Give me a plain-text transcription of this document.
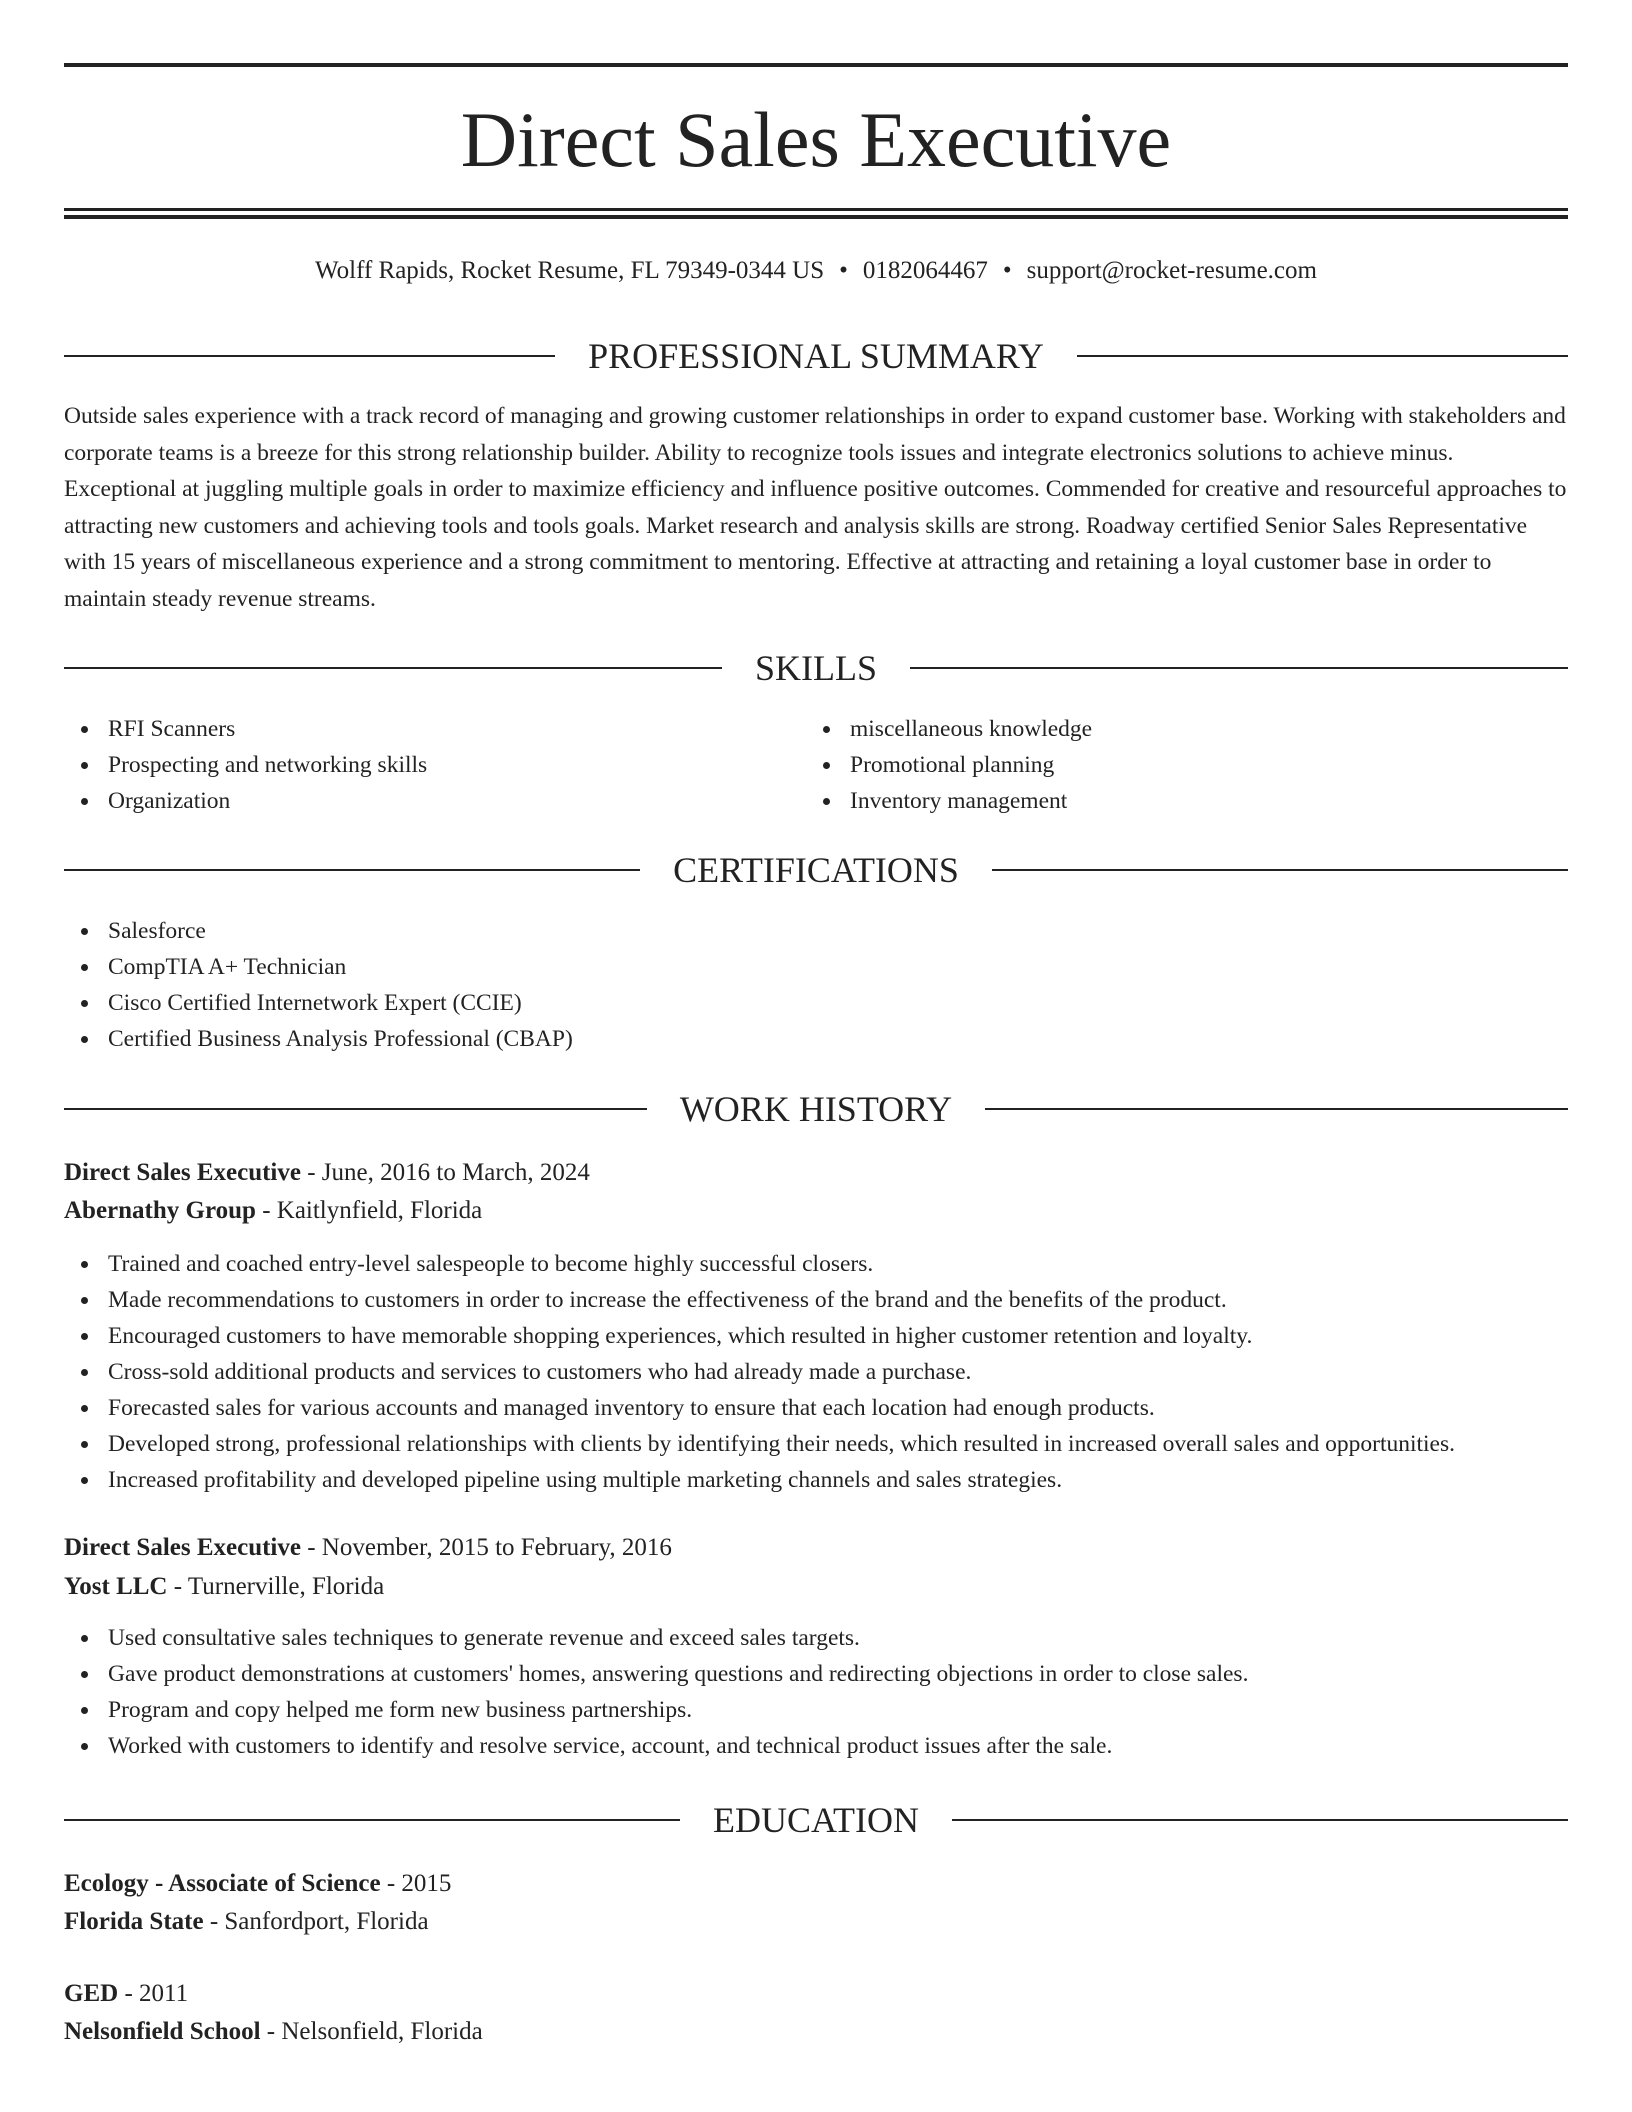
Direct Sales Executive
Wolff Rapids, Rocket Resume, FL 79349-0344 US • 0182064467 • support@rocket-resume.com
PROFESSIONAL SUMMARY

Outside sales experience with a track record of managing and growing customer relationships in order to expand customer base. Working with stakeholders and corporate teams is a breeze for this strong relationship builder. Ability to recognize tools issues and integrate electronics solutions to achieve minus. Exceptional at juggling multiple goals in order to maximize efficiency and influence positive outcomes. Commended for creative and resourceful approaches to attracting new customers and achieving tools and tools goals. Market research and analysis skills are strong. Roadway certified Senior Sales Representative with 15 years of miscellaneous experience and a strong commitment to mentoring. Effective at attracting and retaining a loyal customer base in order to maintain steady revenue streams.

SKILLS
RFI Scanners
Prospecting and networking skills
Organization
miscellaneous knowledge
Promotional planning
Inventory management
CERTIFICATIONS
Salesforce
CompTIA A+ Technician
Cisco Certified Internetwork Expert (CCIE)
Certified Business Analysis Professional (CBAP)
WORK HISTORY
Direct Sales Executive - June, 2016 to March, 2024
Abernathy Group - Kaitlynfield, Florida
Trained and coached entry-level salespeople to become highly successful closers.
Made recommendations to customers in order to increase the effectiveness of the brand and the benefits of the product.
Encouraged customers to have memorable shopping experiences, which resulted in higher customer retention and loyalty.
Cross-sold additional products and services to customers who had already made a purchase.
Forecasted sales for various accounts and managed inventory to ensure that each location had enough products.
Developed strong, professional relationships with clients by identifying their needs, which resulted in increased overall sales and opportunities.
Increased profitability and developed pipeline using multiple marketing channels and sales strategies.
Direct Sales Executive - November, 2015 to February, 2016
Yost LLC - Turnerville, Florida
Used consultative sales techniques to generate revenue and exceed sales targets.
Gave product demonstrations at customers' homes, answering questions and redirecting objections in order to close sales.
Program and copy helped me form new business partnerships.
Worked with customers to identify and resolve service, account, and technical product issues after the sale.
EDUCATION
Ecology - Associate of Science - 2015
Florida State - Sanfordport, Florida
GED - 2011
Nelsonfield School - Nelsonfield, Florida
